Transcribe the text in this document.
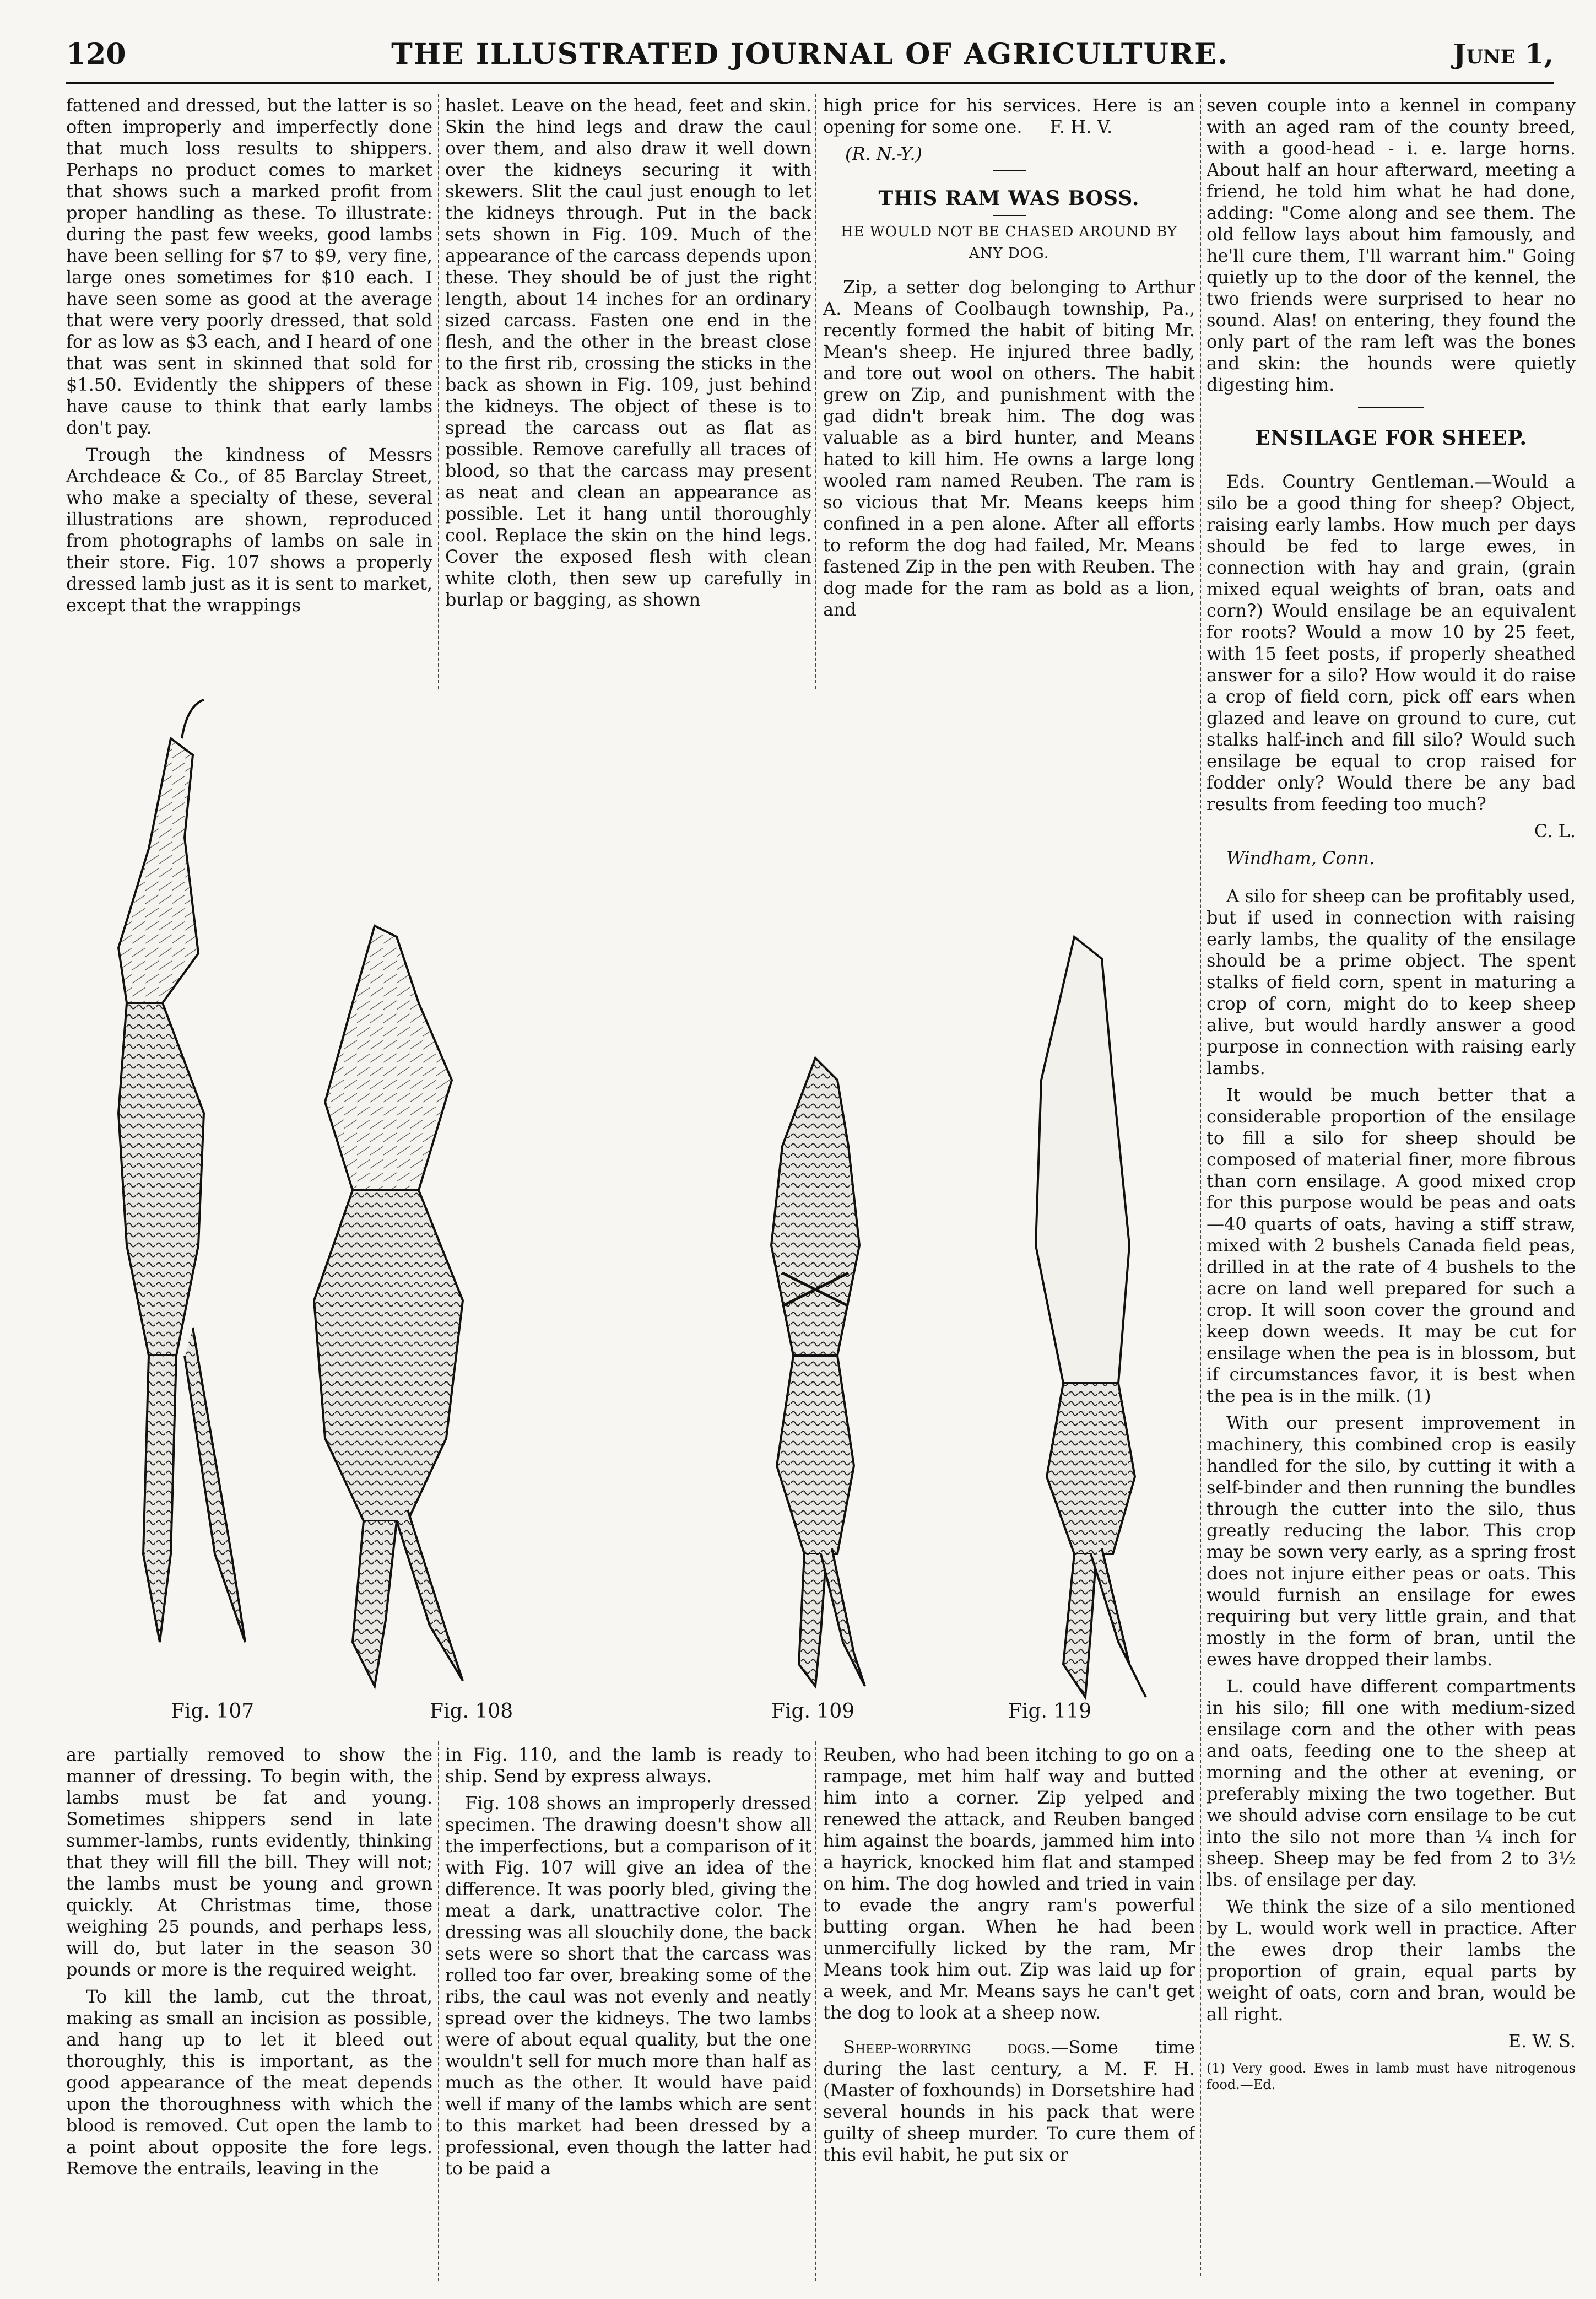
120	THE ILLUSTRATED JOURNAL OF AGRICULTURE.	June 1,

fattened and dressed, but the latter is so often improperly and imperfectly done that much loss results to shippers. Perhaps no product comes to market that shows such a marked profit from proper handling as these. To illustrate: during the past few weeks, good lambs have been selling for $7 to $9, very fine, large ones sometimes for $10 each. I have seen some as good at the average that were very poorly dressed, that sold for as low as $3 each, and I heard of one that was sent in skinned that sold for $1.50. Evidently the shippers of these have cause to think that early lambs don't pay.

Trough the kindness of Messrs Archdeace & Co., of 85 Barclay Street, who make a specialty of these, several illustrations are shown, reproduced from photographs of lambs on sale in their store. Fig. 107 shows a properly dressed lamb just as it is sent to market, except that the wrappings

haslet. Leave on the head, feet and skin. Skin the hind legs and draw the caul over them, and also draw it well down over the kidneys securing it with skewers. Slit the caul just enough to let the kidneys through. Put in the back sets shown in Fig. 109. Much of the appearance of the carcass depends upon these. They should be of just the right length, about 14 inches for an ordinary sized carcass. Fasten one end in the flesh, and the other in the breast close to the first rib, crossing the sticks in the back as shown in Fig. 109, just behind the kidneys. The object of these is to spread the carcass out as flat as possible. Remove carefully all traces of blood, so that the carcass may present as neat and clean an appearance as possible. Let it hang until thoroughly cool. Replace the skin on the hind legs. Cover the exposed flesh with clean white cloth, then sew up carefully in burlap or bagging, as shown

high price for his services. Here is an opening for some one. F. H. V.

(R. N.-Y.)

THIS RAM WAS BOSS.
HE WOULD NOT BE CHASED AROUND BY ANY DOG.

Zip, a setter dog belonging to Arthur A. Means of Coolbaugh township, Pa., recently formed the habit of biting Mr. Mean's sheep. He injured three badly, and tore out wool on others. The habit grew on Zip, and punishment with the gad didn't break him. The dog was valuable as a bird hunter, and Means hated to kill him. He owns a large long wooled ram named Reuben. The ram is so vicious that Mr. Means keeps him confined in a pen alone. After all efforts to reform the dog had failed, Mr. Means fastened Zip in the pen with Reuben. The dog made for the ram as bold as a lion, and

seven couple into a kennel in company with an aged ram of the county breed, with a good-head - i. e. large horns. About half an hour afterward, meeting a friend, he told him what he had done, adding: "Come along and see them. The old fellow lays about him famously, and he'll cure them, I'll warrant him." Going quietly up to the door of the kennel, the two friends were surprised to hear no sound. Alas! on entering, they found the only part of the ram left was the bones and skin: the hounds were quietly digesting him.

ENSILAGE FOR SHEEP.

Eds. Country Gentleman.—Would a silo be a good thing for sheep? Object, raising early lambs. How much per days should be fed to large ewes, in connection with hay and grain, (grain mixed equal weights of bran, oats and corn?) Would ensilage be an equivalent for roots? Would a mow 10 by 25 feet, with 15 feet posts, if properly sheathed answer for a silo? How would it do raise a crop of field corn, pick off ears when glazed and leave on ground to cure, cut stalks half-inch and fill silo? Would such ensilage be equal to crop raised for fodder only? Would there be any bad results from feeding too much?

C. L.

Windham, Conn.

A silo for sheep can be profitably used, but if used in connection with raising early lambs, the quality of the ensilage should be a prime object. The spent stalks of field corn, spent in maturing a crop of corn, might do to keep sheep alive, but would hardly answer a good purpose in connection with raising early lambs.

It would be much better that a considerable proportion of the ensilage to fill a silo for sheep should be composed of material finer, more fibrous than corn ensilage. A good mixed crop for this purpose would be peas and oats —40 quarts of oats, having a stiff straw, mixed with 2 bushels Canada field peas, drilled in at the rate of 4 bushels to the acre on land well prepared for such a crop. It will soon cover the ground and keep down weeds. It may be cut for ensilage when the pea is in blossom, but if circumstances favor, it is best when the pea is in the milk. (1)

With our present improvement in machinery, this combined crop is easily handled for the silo, by cutting it with a self-binder and then running the bundles through the cutter into the silo, thus greatly reducing the labor. This crop may be sown very early, as a spring frost does not injure either peas or oats. This would furnish an ensilage for ewes requiring but very little grain, and that mostly in the form of bran, until the ewes have dropped their lambs.

L. could have different compartments in his silo; fill one with medium-sized ensilage corn and the other with peas and oats, feeding one to the sheep at morning and the other at evening, or preferably mixing the two together. But we should advise corn ensilage to be cut into the silo not more than ¼ inch for sheep. Sheep may be fed from 2 to 3½ lbs. of ensilage per day.

We think the size of a silo mentioned by L. would work well in practice. After the ewes drop their lambs the proportion of grain, equal parts by weight of oats, corn and bran, would be all right.

E. W. S.

(1) Very good. Ewes in lamb must have nitrogenous food.—Ed.
Fig. 107	Fig. 108	Fig. 109	Fig. 119

are partially removed to show the manner of dressing. To begin with, the lambs must be fat and young. Sometimes shippers send in late summer-lambs, runts evidently, thinking that they will fill the bill. They will not; the lambs must be young and grown quickly. At Christmas time, those weighing 25 pounds, and perhaps less, will do, but later in the season 30 pounds or more is the required weight.

To kill the lamb, cut the throat, making as small an incision as possible, and hang up to let it bleed out thoroughly, this is important, as the good appearance of the meat depends upon the thoroughness with which the blood is removed. Cut open the lamb to a point about opposite the fore legs. Remove the entrails, leaving in the

in Fig. 110, and the lamb is ready to ship. Send by express always.

Fig. 108 shows an improperly dressed specimen. The drawing doesn't show all the imperfections, but a comparison of it with Fig. 107 will give an idea of the difference. It was poorly bled, giving the meat a dark, unattractive color. The dressing was all slouchily done, the back sets were so short that the carcass was rolled too far over, breaking some of the ribs, the caul was not evenly and neatly spread over the kidneys. The two lambs were of about equal quality, but the one wouldn't sell for much more than half as much as the other. It would have paid well if many of the lambs which are sent to this market had been dressed by a professional, even though the latter had to be paid a

Reuben, who had been itching to go on a rampage, met him half way and butted him into a corner. Zip yelped and renewed the attack, and Reuben banged him against the boards, jammed him into a hayrick, knocked him flat and stamped on him. The dog howled and tried in vain to evade the angry ram's powerful butting organ. When he had been unmercifully licked by the ram, Mr Means took him out. Zip was laid up for a week, and Mr. Means says he can't get the dog to look at a sheep now.

Sheep-worrying dogs.—Some time during the last century, a M. F. H. (Master of foxhounds) in Dorsetshire had several hounds in his pack that were guilty of sheep murder. To cure them of this evil habit, he put six or
